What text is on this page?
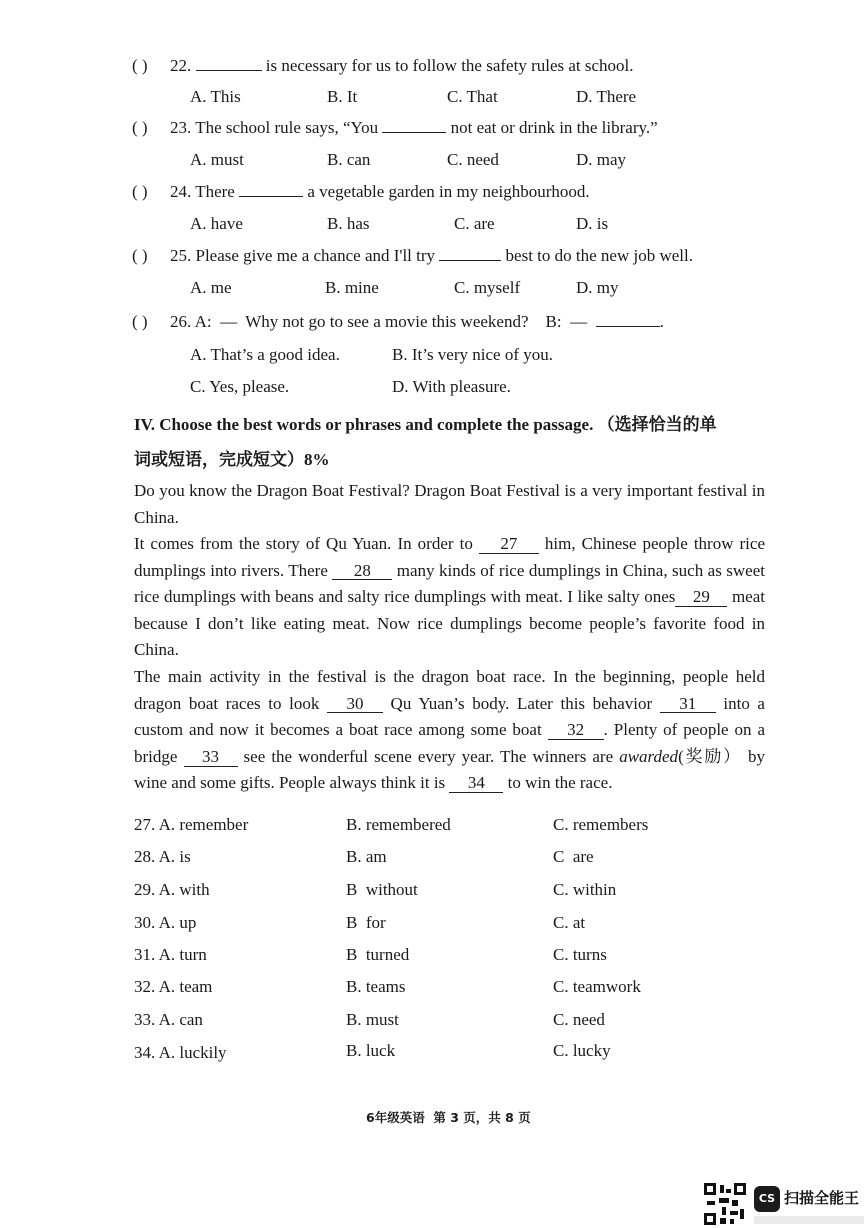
( ) 22.	is necessary for us to follow the safety rules at school.
A. This	B. It	C. That	D. There
( ) 23. The school rule says, “You	not eat or drink in the library.”
A. must	B. can	C. need	D. may
( ) 24. There	a vegetable garden in my neighbourhood.
A. have	B. has	C. are	D. is
( ) 25. Please give me a chance and I'll try	best to do the new job well.
A. me	B. mine	C. myself	D. my
( ) 26. A:  —  Why not go to see a movie this weekend?    B:  —	.
A. That’s a good idea.	B. It’s very nice of you.
C. Yes, please.	D. With pleasure.
IV. Choose the best words or phrases and complete the passage. （选择恰当的单
词或短语，完成短文）8%
Do you know the Dragon Boat Festival? Dragon Boat Festival is a very important festival in China.
It comes from the story of Qu Yuan. In order to 27 him, Chinese people throw rice dumplings into rivers. There 28 many kinds of rice dumplings in China, such as sweet rice dumplings with beans and salty rice dumplings with meat. I like salty ones 29 meat because I don’t like eating meat. Now rice dumplings become people’s favorite food in China.
The main activity in the festival is the dragon boat race. In the beginning, people held dragon boat races to look 30 Qu Yuan’s body. Later this behavior 31 into a custom and now it becomes a boat race among some boat 32 . Plenty of people on a bridge 33 see the wonderful scene every year. The winners are awarded(奖励） by wine and some gifts. People always think it is 34 to win the race.
27. A. remember	B. remembered	C. remembers
28. A. is	B. am	C  are
29. A. with	B  without	C. within
30. A. up	B  for	C. at
31. A. turn	B  turned	C. turns
32. A. team	B. teams	C. teamwork
33. A. can	B. must	C. need
34. A. luckily	B. luck	C. lucky
6年级英语  第 3 页，共 8 页
CS 扫描全能王
